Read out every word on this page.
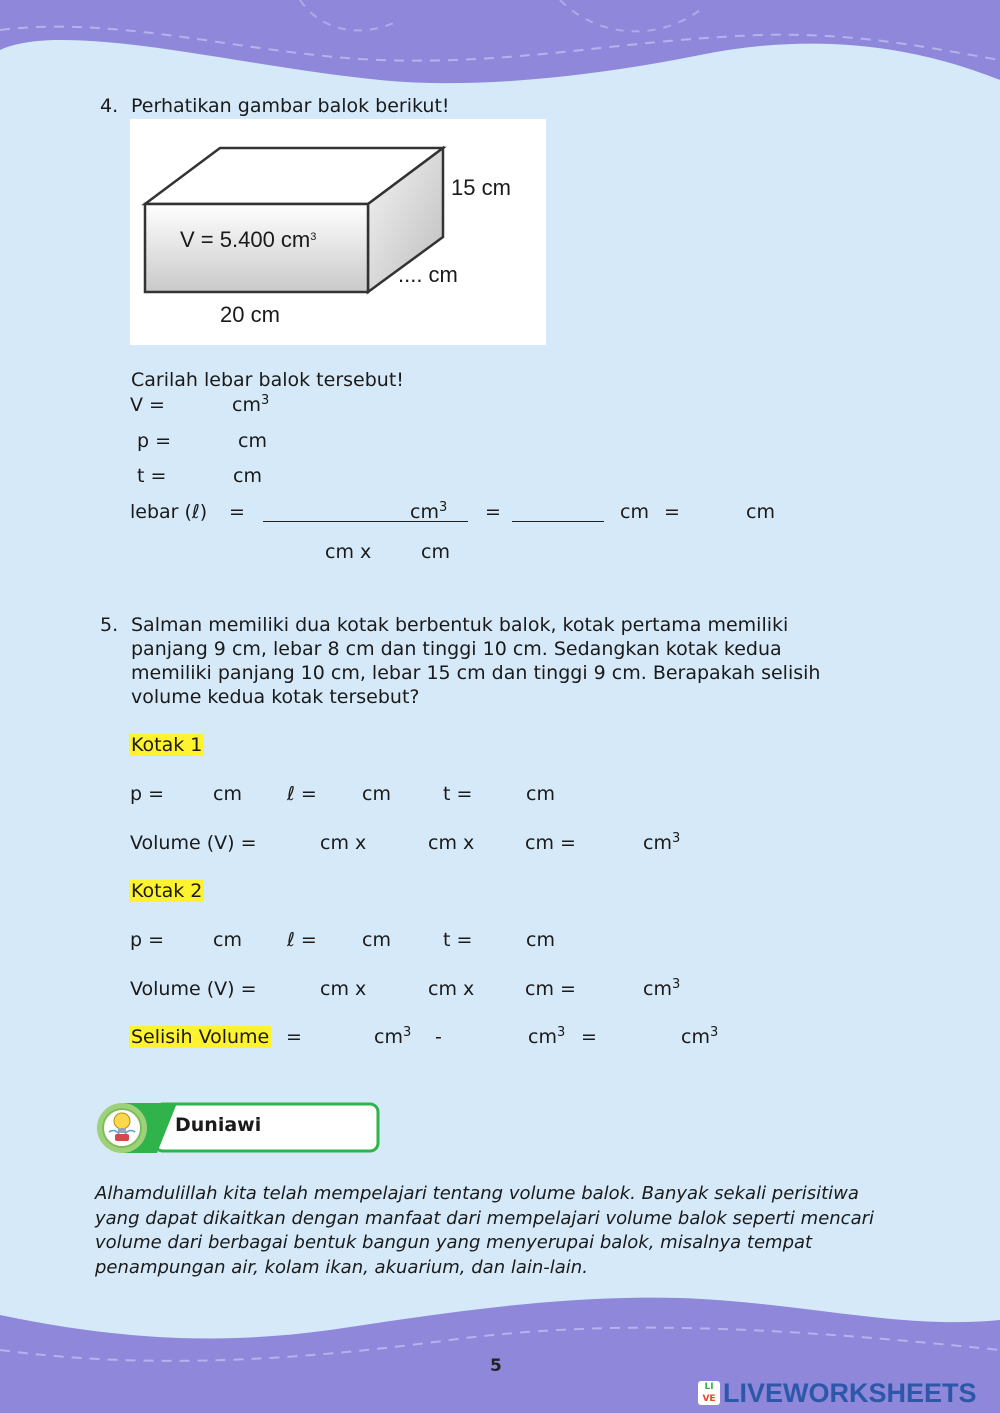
4. Perhatikan gambar balok berikut!
V = 5.400 $cm^3$
15 cm
.... cm
20 cm
Carilah lebar balok tersebut!
V =	$cm^3$
p =	cm
t =	cm
lebar (ℓ) =	$cm^3$ =	cm =	cm
cm x	cm
5. Salman memiliki dua kotak berbentuk balok, kotak pertama memiliki
panjang 9 cm, lebar 8 cm dan tinggi 10 cm. Sedangkan kotak kedua
memiliki panjang 10 cm, lebar 15 cm dan tinggi 9 cm. Berapakah selisih
volume kedua kotak tersebut?
Kotak 1
p =	cm ℓ = cm	t =	cm
Volume (V) =	cm x	cm x	cm =	$cm^3$
Kotak 2
p =	cm ℓ = cm	t =	cm
Volume (V) =	cm x	cm x	cm =	$cm^3$
Selisih Volume =	$cm^3$ -	$cm^3$ =	$cm^3$
Duniawi
Alhamdulillah kita telah mempelajari tentang volume balok. Banyak sekali perisitiwa yang dapat dikaitkan dengan manfaat dari mempelajari volume balok seperti mencari volume dari berbagai bentuk bangun yang menyerupai balok, misalnya tempat penampungan air, kolam ikan, akuarium, dan lain-lain.
5
LI
VE LIVEWORKSHEETS
